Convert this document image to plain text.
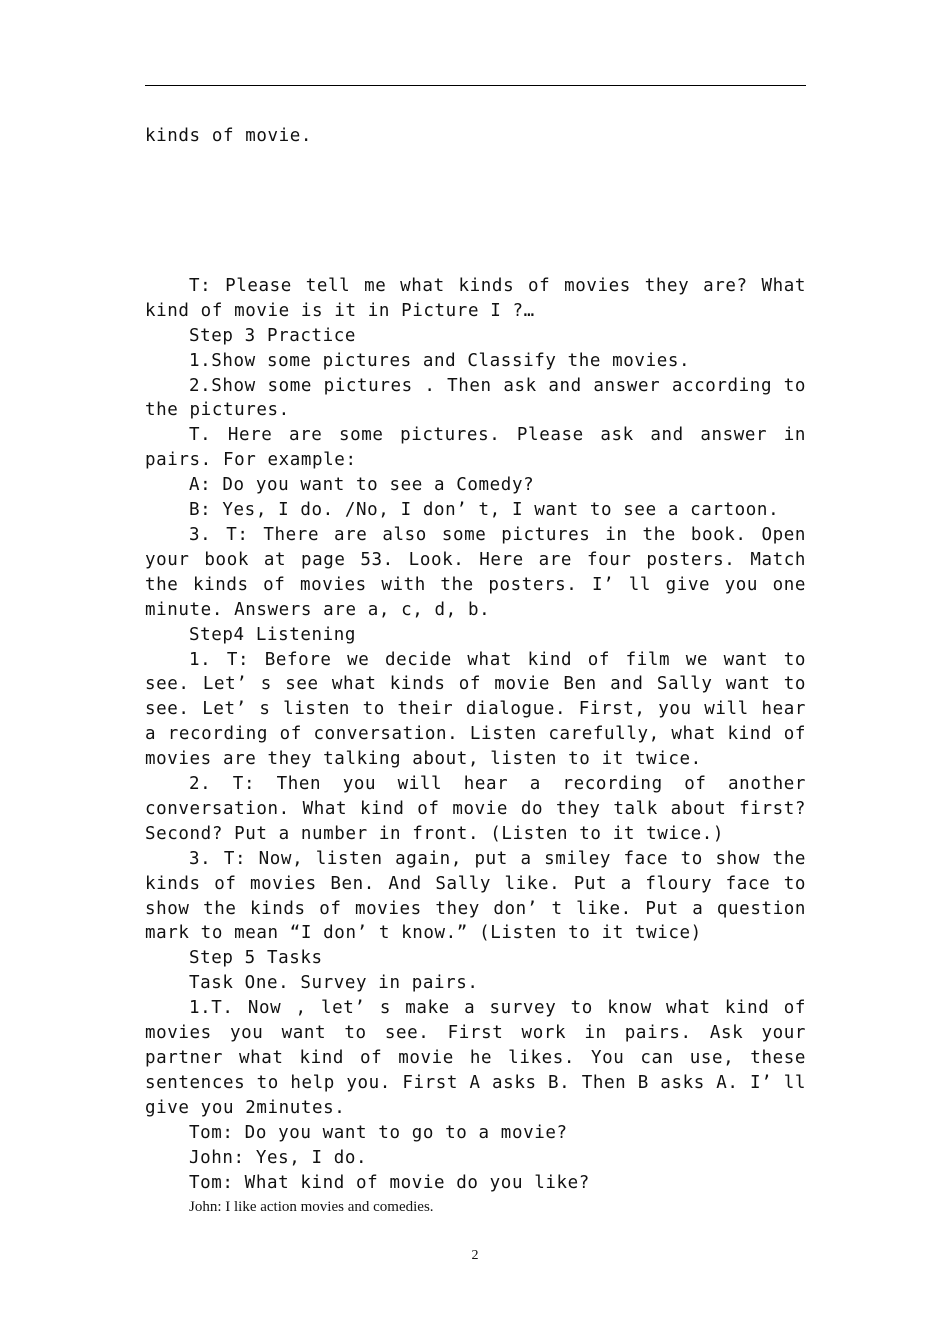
kinds of movie.

T: Please tell me what kinds of movies they are? What kind of movie is it in Picture I ?…

Step 3 Practice

1.Show some pictures and Classify the movies.

2.Show some pictures . Then ask and answer according to the pictures.

T. Here are some pictures. Please ask and answer in pairs. For example:

A: Do you want to see a Comedy?

B: Yes, I do. /No, I don’ t, I want to see a cartoon.

3. T: There are also some pictures in the book. Open your book at page 53. Look. Here are four posters. Match the kinds of movies with the posters. I’ ll give you one minute. Answers are a, c, d, b.

Step4 Listening

1. T: Before we decide what kind of film we want to see. Let’ s see what kinds of movie Ben and Sally want to see. Let’ s listen to their dialogue. First, you will hear a recording of conversation. Listen carefully, what kind of movies are they talking about, listen to it twice.

2. T: Then you will hear a recording of another conversation. What kind of movie do they talk about first? Second? Put a number in front. (Listen to it twice.)

3. T: Now, listen again, put a smiley face to show the kinds of movies Ben. And Sally like. Put a floury face to show the kinds of movies they don’ t like. Put a question mark to mean “I don’ t know.” (Listen to it twice)

Step 5 Tasks

Task One. Survey in pairs.

1.T. Now , let’ s make a survey to know what kind of movies you want to see. First work in pairs. Ask your partner what kind of movie he likes. You can use, these sentences to help you. First A asks B. Then B asks A. I’ ll give you 2minutes.

Tom: Do you want to go to a movie?

John: Yes, I do.

Tom: What kind of movie do you like?

John: I like action movies and comedies.

2
